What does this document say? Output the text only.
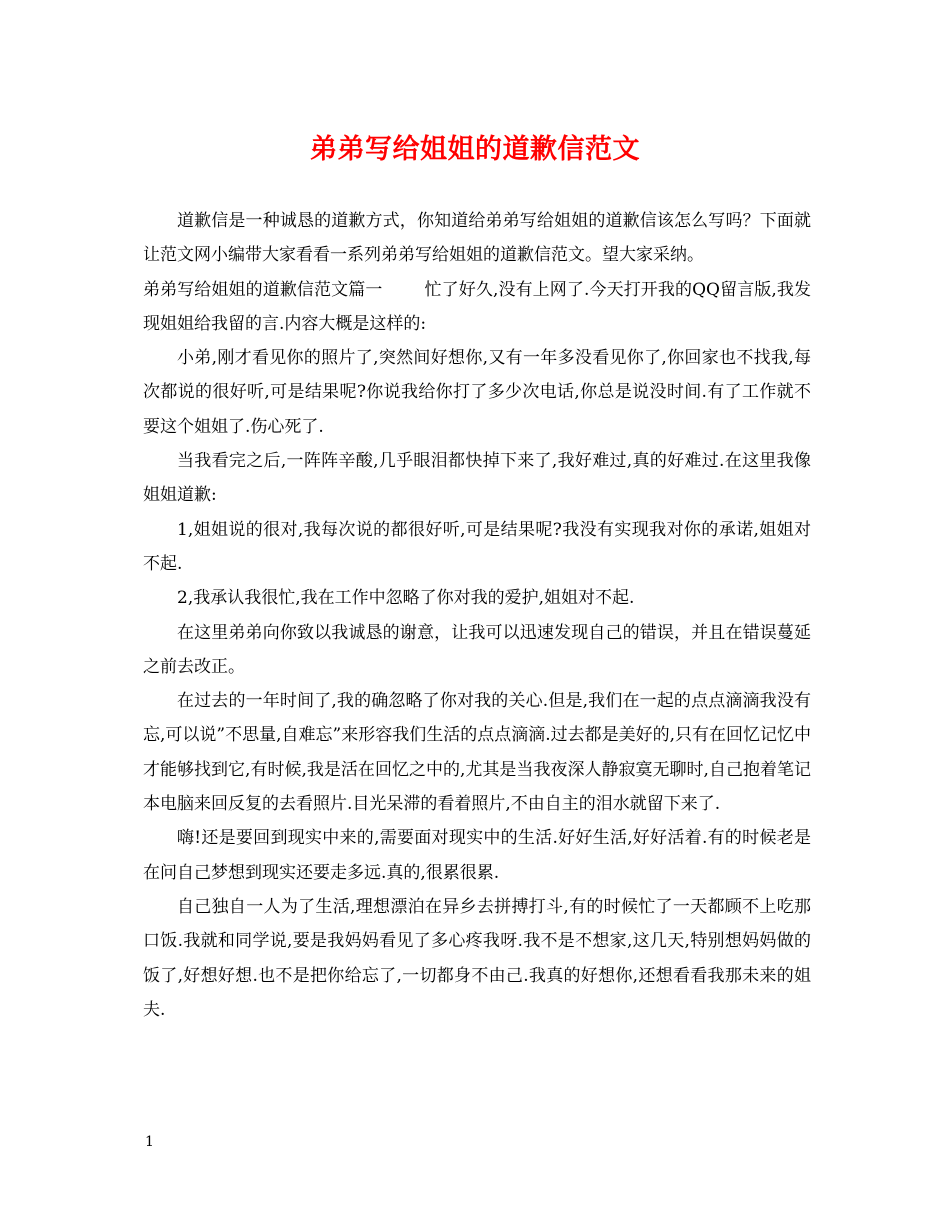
弟弟写给姐姐的道歉信范文

道歉信是一种诚恳的道歉方式，你知道给弟弟写给姐姐的道歉信该怎么写吗？下面就让范文网小编带大家看看一系列弟弟写给姐姐的道歉信范文。望大家采纳。

弟弟写给姐姐的道歉信范文篇一 忙了好久,没有上网了.今天打开我的QQ留言版,我发现姐姐给我留的言.内容大概是这样的:

小弟,刚才看见你的照片了,突然间好想你,又有一年多没看见你了,你回家也不找我,每次都说的很好听,可是结果呢?你说我给你打了多少次电话,你总是说没时间.有了工作就不要这个姐姐了.伤心死了.

当我看完之后,一阵阵辛酸,几乎眼泪都快掉下来了,我好难过,真的好难过.在这里我像姐姐道歉:

1,姐姐说的很对,我每次说的都很好听,可是结果呢?我没有实现我对你的承诺,姐姐对不起.

2,我承认我很忙,我在工作中忽略了你对我的爱护,姐姐对不起.

在这里弟弟向你致以我诚恳的谢意，让我可以迅速发现自己的错误，并且在错误蔓延之前去改正。

在过去的一年时间了,我的确忽略了你对我的关心.但是,我们在一起的点点滴滴我没有忘,可以说”不思量,自难忘”来形容我们生活的点点滴滴.过去都是美好的,只有在回忆记忆中才能够找到它,有时候,我是活在回忆之中的,尤其是当我夜深人静寂寞无聊时,自己抱着笔记本电脑来回反复的去看照片.目光呆滞的看着照片,不由自主的泪水就留下来了.

嗨!还是要回到现实中来的,需要面对现实中的生活.好好生活,好好活着.有的时候老是在问自己梦想到现实还要走多远.真的,很累很累.

自己独自一人为了生活,理想漂泊在异乡去拼搏打斗,有的时候忙了一天都顾不上吃那口饭.我就和同学说,要是我妈妈看见了多心疼我呀.我不是不想家,这几天,特别想妈妈做的饭了,好想好想.也不是把你给忘了,一切都身不由己.我真的好想你,还想看看我那未来的姐夫.

1
